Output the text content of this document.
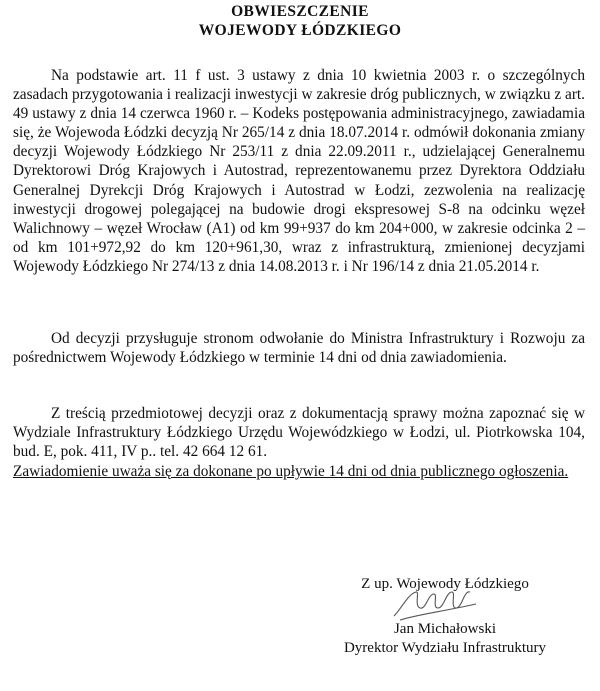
OBWIESZCZENIE
WOJEWODY ŁÓDZKIEGO

Na podstawie art. 11 f ust. 3 ustawy z dnia 10 kwietnia 2003 r. o szczególnych zasadach przygotowania i realizacji inwestycji w zakresie dróg publicznych, w związku z art. 49 ustawy z dnia 14 czerwca 1960 r. – Kodeks postępowania administracyjnego, zawiadamia się, że Wojewoda Łódzki decyzją Nr 265/14 z dnia 18.07.2014 r. odmówił dokonania zmiany decyzji Wojewody Łódzkiego Nr 253/11 z dnia 22.09.2011 r., udzielającej Generalnemu Dyrektorowi Dróg Krajowych i Autostrad, reprezentowanemu przez Dyrektora Oddziału Generalnej Dyrekcji Dróg Krajowych i Autostrad w Łodzi, zezwolenia na realizację inwestycji drogowej polegającej na budowie drogi ekspresowej S-8 na odcinku węzeł Walichnowy – węzeł Wrocław (A1) od km 99+937 do km 204+000, w zakresie odcinka 2 – od km 101+972,92 do km 120+961,30, wraz z infrastrukturą, zmienionej decyzjami Wojewody Łódzkiego Nr 274/13 z dnia 14.08.2013 r. i Nr 196/14 z dnia 21.05.2014 r.

Od decyzji przysługuje stronom odwołanie do Ministra Infrastruktury i Rozwoju za pośrednictwem Wojewody Łódzkiego w terminie 14 dni od dnia zawiadomienia.

Z treścią przedmiotowej decyzji oraz z dokumentacją sprawy można zapoznać się w Wydziale Infrastruktury Łódzkiego Urzędu Wojewódzkiego w Łodzi, ul. Piotrkowska 104, bud. E, pok. 411, IV p.. tel. 42 664 12 61.

Zawiadomienie uważa się za dokonane po upływie 14 dni od dnia publicznego ogłoszenia.

Z up. Wojewody Łódzkiego

Jan Michałowski

Dyrektor Wydziału Infrastruktury
